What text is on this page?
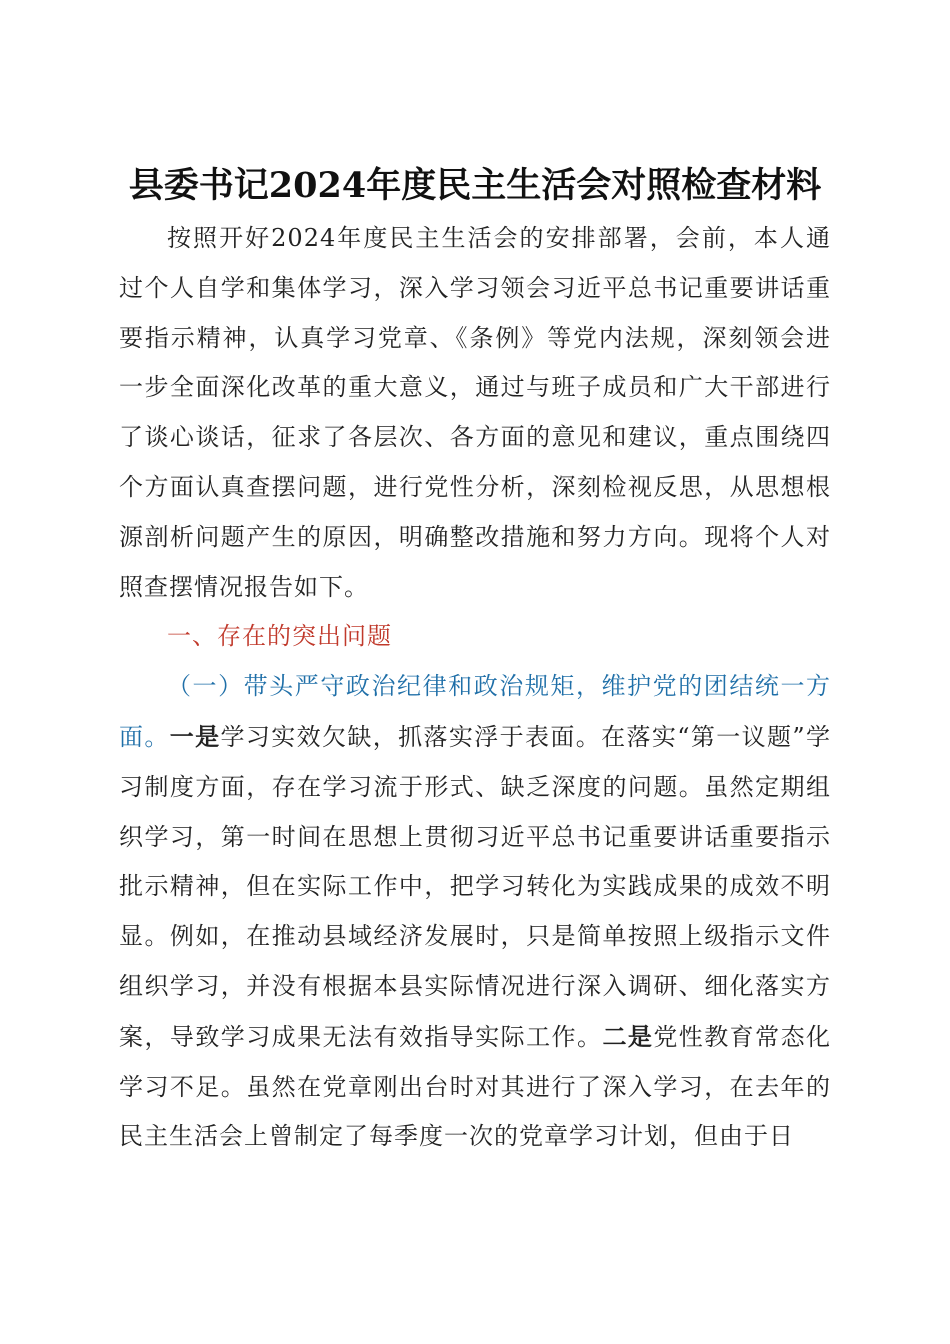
县委书记2024年度民主生活会对照检查材料

按照开好2024年度民主生活会的安排部署，会前，本人通过个人自学和集体学习，深入学习领会习近平总书记重要讲话重要指示精神，认真学习党章、《条例》等党内法规，深刻领会进一步全面深化改革的重大意义，通过与班子成员和广大干部进行了谈心谈话，征求了各层次、各方面的意见和建议，重点围绕四个方面认真查摆问题，进行党性分析，深刻检视反思，从思想根源剖析问题产生的原因，明确整改措施和努力方向。现将个人对照查摆情况报告如下。

一、存在的突出问题

（一）带头严守政治纪律和政治规矩，维护党的团结统一方面。一是学习实效欠缺，抓落实浮于表面。在落实“第一议题”学习制度方面，存在学习流于形式、缺乏深度的问题。虽然定期组织学习，第一时间在思想上贯彻习近平总书记重要讲话重要指示批示精神，但在实际工作中，把学习转化为实践成果的成效不明显。例如，在推动县域经济发展时，只是简单按照上级指示文件组织学习，并没有根据本县实际情况进行深入调研、细化落实方案，导致学习成果无法有效指导实际工作。二是党性教育常态化学习不足。虽然在党章刚出台时对其进行了深入学习，在去年的民主生活会上曾制定了每季度一次的党章学习计划，但由于日
